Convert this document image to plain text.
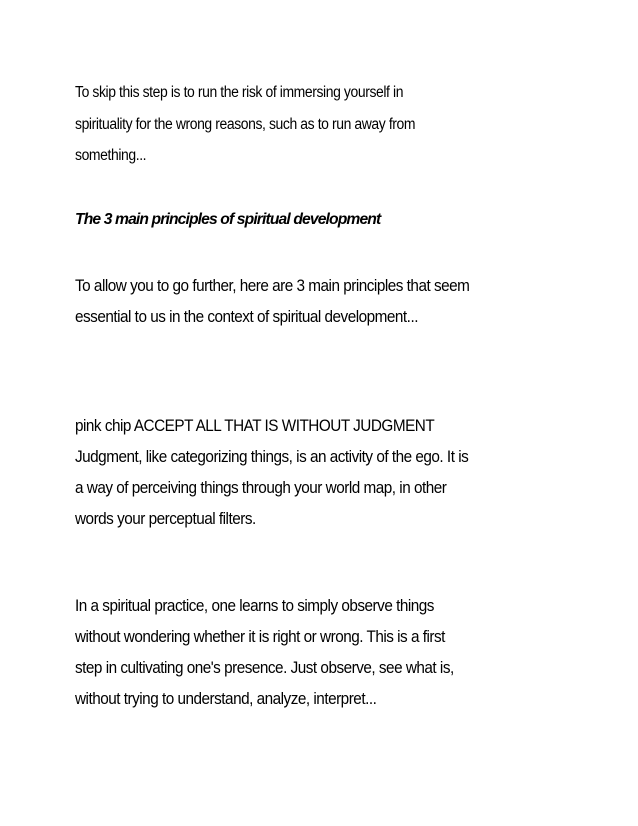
To skip this step is to run the risk of immersing yourself in
spirituality for the wrong reasons, such as to run away from
something...
The 3 main principles of spiritual development
To allow you to go further, here are 3 main principles that seem
essential to us in the context of spiritual development...
pink chip ACCEPT ALL THAT IS WITHOUT JUDGMENT
Judgment, like categorizing things, is an activity of the ego. It is
a way of perceiving things through your world map, in other
words your perceptual filters.
In a spiritual practice, one learns to simply observe things
without wondering whether it is right or wrong. This is a first
step in cultivating one's presence. Just observe, see what is,
without trying to understand, analyze, interpret...
